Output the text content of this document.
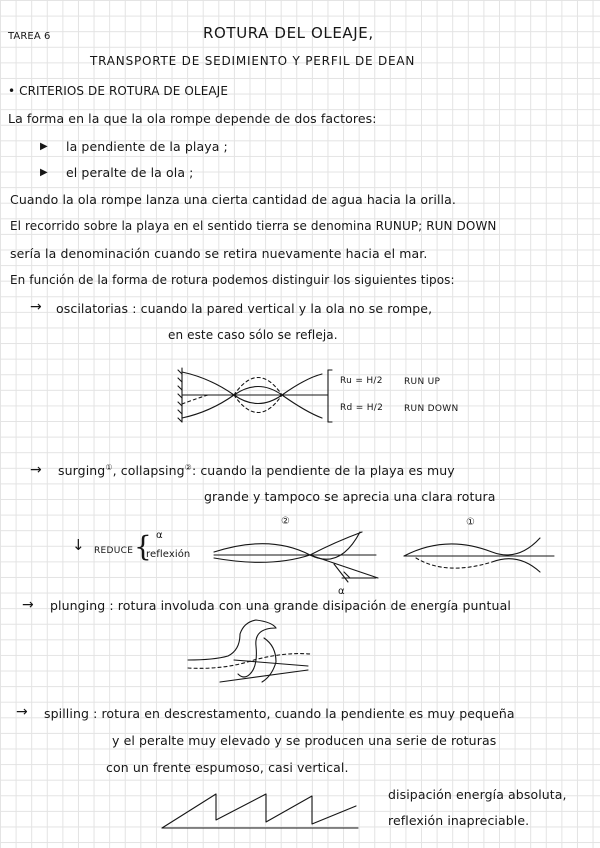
TAREA 6	ROTURA DEL OLEAJE,
TRANSPORTE DE SEDIMIENTO Y PERFIL DE DEAN
• CRITERIOS DE ROTURA DE OLEAJE
La forma en la que la ola rompe depende de dos factores:
▶ la pendiente de la playa ;
▶ el peralte de la ola ;
Cuando la ola rompe lanza una cierta cantidad de agua hacia la orilla.
El recorrido sobre la playa en el sentido tierra se denomina RUNUP; RUN DOWN
sería la denominación cuando se retira nuevamente hacia el mar.
En función de la forma de rotura podemos distinguir los siguientes tipos:
→ oscilatorias : cuando la pared vertical y la ola no se rompe,
en este caso sólo se refleja.
Ru = H/2 RUN UP
Rd = H/2 RUN DOWN
→ surging①, collapsing②: cuando la pendiente de la playa es muy
grande y tampoco se aprecia una clara rotura
↓ REDUCE { α
reflexión
②	①
α
→ plunging : rotura involuda con una grande disipación de energía puntual
→ spilling : rotura en descrestamento, cuando la pendiente es muy pequeña
y el peralte muy elevado y se producen una serie de roturas
con un frente espumoso, casi vertical.
disipación energía absoluta,
reflexión inapreciable.
